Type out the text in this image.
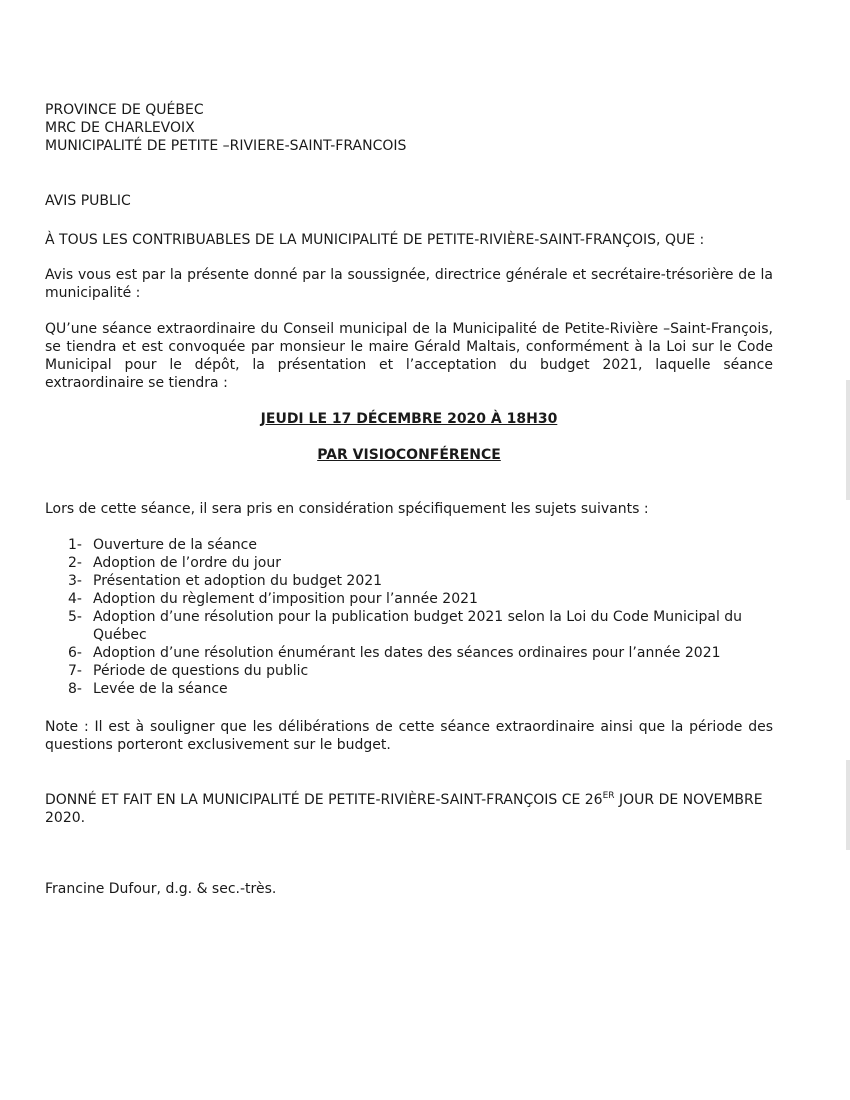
PROVINCE DE QUÉBEC
MRC DE CHARLEVOIX
MUNICIPALITÉ DE PETITE –RIVIERE-SAINT-FRANCOIS
AVIS PUBLIC
À TOUS LES CONTRIBUABLES DE LA MUNICIPALITÉ DE PETITE-RIVIÈRE-SAINT-FRANÇOIS, QUE :
Avis vous est par la présente donné par la soussignée, directrice générale et secrétaire-trésorière de la municipalité :
QU’une séance extraordinaire du Conseil municipal de la Municipalité de Petite-Rivière –Saint-François, se tiendra et est convoquée par monsieur le maire Gérald Maltais, conformément à la Loi sur le Code Municipal pour le dépôt, la présentation et l’acceptation du budget 2021, laquelle séance extraordinaire se tiendra :
JEUDI LE 17 DÉCEMBRE 2020 À 18H30
PAR VISIOCONFÉRENCE
Lors de cette séance, il sera pris en considération spécifiquement les sujets suivants :
1- Ouverture de la séance
2- Adoption de l’ordre du jour
3- Présentation et adoption du budget 2021
4- Adoption du règlement d’imposition pour l’année 2021
5- Adoption d’une résolution pour la publication budget 2021 selon la Loi du Code Municipal du Québec
6- Adoption d’une résolution énumérant les dates des séances ordinaires pour l’année 2021
7- Période de questions du public
8- Levée de la séance
Note : Il est à souligner que les délibérations de cette séance extraordinaire ainsi que la période des questions porteront exclusivement sur le budget.
DONNÉ ET FAIT EN LA MUNICIPALITÉ DE PETITE-RIVIÈRE-SAINT-FRANÇOIS CE 26ER JOUR DE NOVEMBRE 2020.
Francine Dufour, d.g. & sec.-très.
